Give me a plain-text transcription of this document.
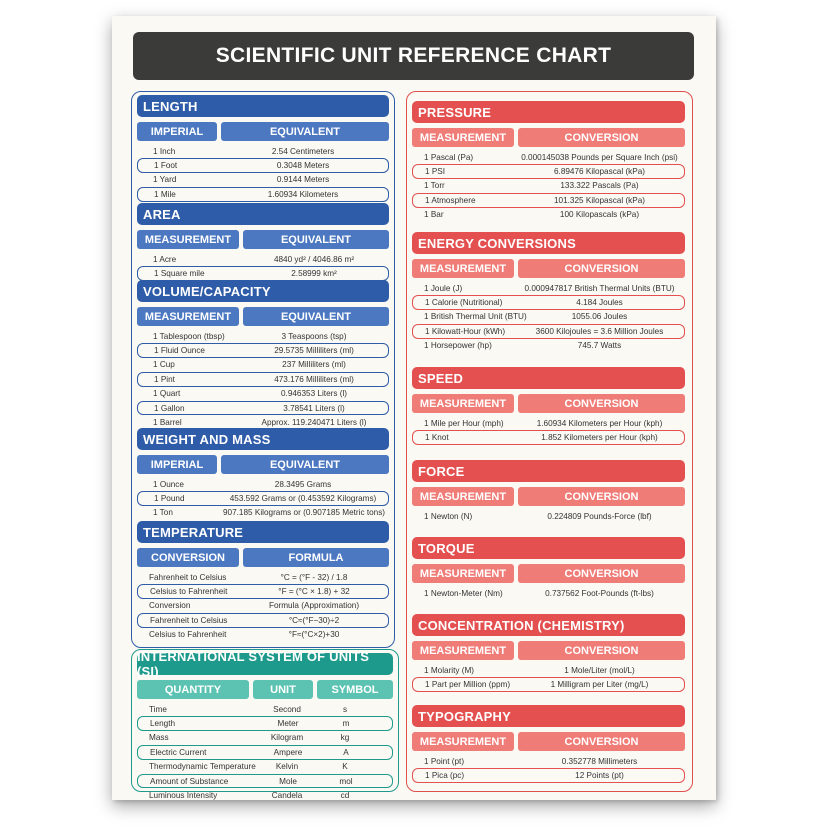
SCIENTIFIC UNIT REFERENCE CHART
LENGTH
IMPERIAL	EQUIVALENT
1 Inch	2.54 Centimeters
1 Foot	0.3048 Meters
1 Yard	0.9144 Meters
1 Mile	1.60934 Kilometers
AREA
MEASUREMENT	EQUIVALENT
1 Acre	4840 yd² / 4046.86 m²
1 Square mile	2.58999 km²
VOLUME/CAPACITY
MEASUREMENT	EQUIVALENT
1 Tablespoon (tbsp)	3 Teaspoons (tsp)
1 Fluid Ounce	29.5735 Milliliters (ml)
1 Cup	237 Milliliters (ml)
1 Pint	473.176 Milliliters (ml)
1 Quart	0.946353 Liters (l)
1 Gallon	3.78541 Liters (l)
1 Barrel	Approx. 119.240471 Liters (l)
WEIGHT AND MASS
IMPERIAL	EQUIVALENT
1 Ounce	28.3495 Grams
1 Pound	453.592 Grams or (0.453592 Kilograms)
1 Ton	907.185 Kilograms or (0.907185 Metric tons)
TEMPERATURE
CONVERSION	FORMULA
Fahrenheit to Celsius	°C = (°F - 32) / 1.8
Celsius to Fahrenheit	°F = (°C × 1.8) + 32
Conversion	Formula (Approximation)
Fahrenheit to Celsius	°C≈(°F−30)÷2
Celsius to Fahrenheit	°F≈(°C×2)+30
INTERNATIONAL SYSTEM OF UNITS (SI)
QUANTITY	UNIT	SYMBOL
Time	Second	s
Length	Meter	m
Mass	Kilogram	kg
Electric Current	Ampere	A
Thermodynamic Temperature	Kelvin	K
Amount of Substance	Mole	mol
Luminous Intensity	Candela	cd
PRESSURE
MEASUREMENT	CONVERSION
1 Pascal (Pa)	0.000145038 Pounds per Square Inch (psi)
1 PSI	6.89476 Kilopascal (kPa)
1 Torr	133.322 Pascals (Pa)
1 Atmosphere	101.325 Kilopascal (kPa)
1 Bar	100 Kilopascals (kPa)
ENERGY CONVERSIONS
MEASUREMENT	CONVERSION
1 Joule (J)	0.000947817 British Thermal Units (BTU)
1 Calorie (Nutritional)	4.184 Joules
1 British Thermal Unit (BTU)	1055.06 Joules
1 Kilowatt-Hour (kWh)	3600 Kilojoules = 3.6 Million Joules
1 Horsepower (hp)	745.7 Watts
SPEED
MEASUREMENT	CONVERSION
1 Mile per Hour (mph)	1.60934 Kilometers per Hour (kph)
1 Knot	1.852 Kilometers per Hour (kph)
FORCE
MEASUREMENT	CONVERSION
1 Newton (N)	0.224809 Pounds-Force (lbf)
TORQUE
MEASUREMENT	CONVERSION
1 Newton-Meter (Nm)	0.737562 Foot-Pounds (ft-lbs)
CONCENTRATION (CHEMISTRY)
MEASUREMENT	CONVERSION
1 Molarity (M)	1 Mole/Liter (mol/L)
1 Part per Million (ppm)	1 Milligram per Liter (mg/L)
TYPOGRAPHY
MEASUREMENT	CONVERSION
1 Point (pt)	0.352778 Millimeters
1 Pica (pc)	12 Points (pt)
